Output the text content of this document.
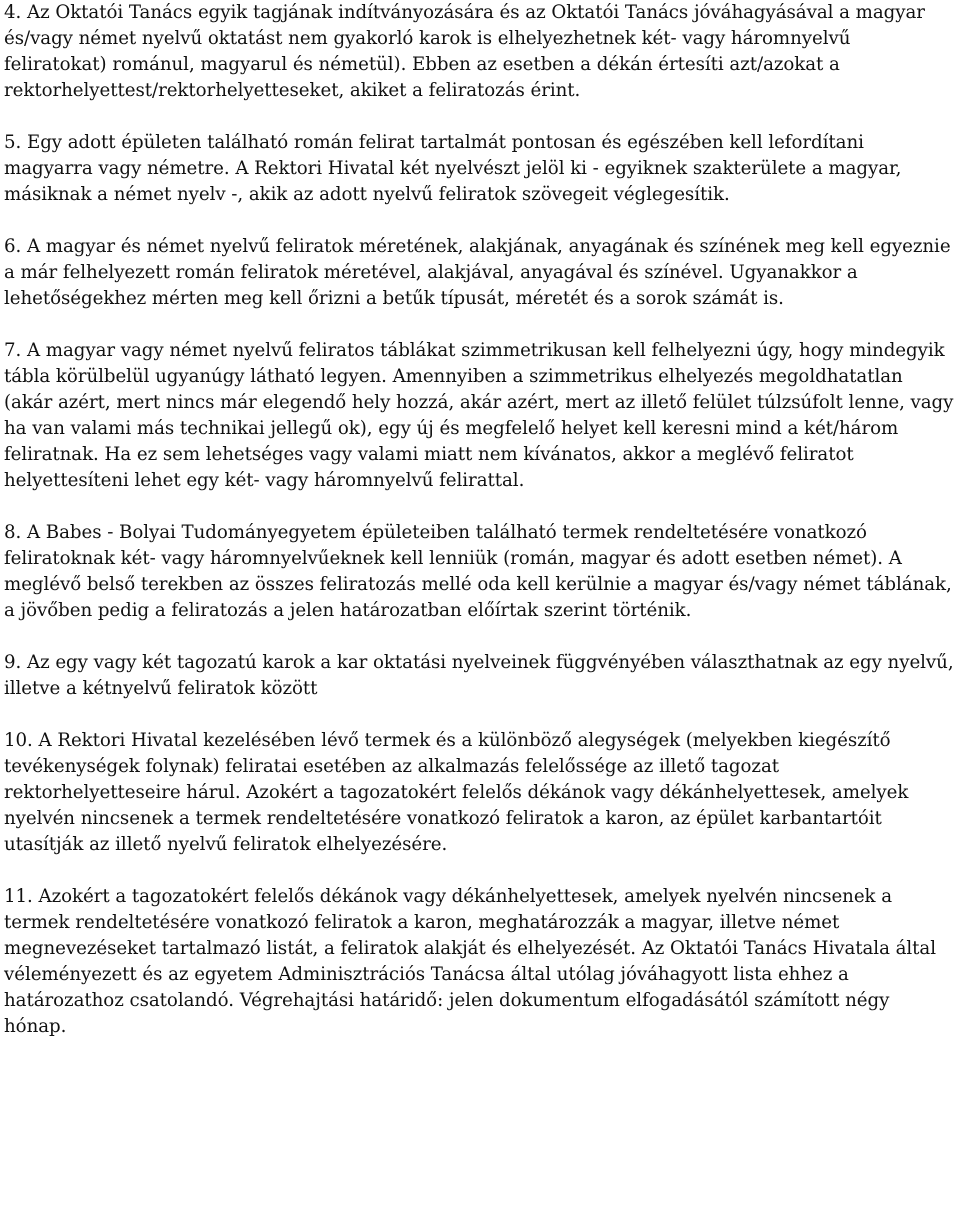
4. Az Oktatói Tanács egyik tagjának indítványozására és az Oktatói Tanács jóváhagyásával a magyar és/vagy német nyelvű oktatást nem gyakorló karok is elhelyezhetnek két- vagy háromnyelvű feliratokat) románul, magyarul és németül). Ebben az esetben a dékán értesíti azt/azokat a rektorhelyettest/rektorhelyetteseket, akiket a feliratozás érint.

5. Egy adott épületen található román felirat tartalmát pontosan és egészében kell lefordítani magyarra vagy németre. A Rektori Hivatal két nyelvészt jelöl ki - egyiknek szakterülete a magyar, másiknak a német nyelv -, akik az adott nyelvű feliratok szövegeit véglegesítik.

6. A magyar és német nyelvű feliratok méretének, alakjának, anyagának és színének meg kell egyeznie a már felhelyezett román feliratok méretével, alakjával, anyagával és színével. Ugyanakkor a lehetőségekhez mérten meg kell őrizni a betűk típusát, méretét és a sorok számát is.

7. A magyar vagy német nyelvű feliratos táblákat szimmetrikusan kell felhelyezni úgy, hogy mindegyik tábla körülbelül ugyanúgy látható legyen. Amennyiben a szimmetrikus elhelyezés megoldhatatlan (akár azért, mert nincs már elegendő hely hozzá, akár azért, mert az illető felület túlzsúfolt lenne, vagy ha van valami más technikai jellegű ok), egy új és megfelelő helyet kell keresni mind a két/három feliratnak. Ha ez sem lehetséges vagy valami miatt nem kívánatos, akkor a meglévő feliratot helyettesíteni lehet egy két- vagy háromnyelvű felirattal.

8. A Babes - Bolyai Tudományegyetem épületeiben található termek rendeltetésére vonatkozó feliratoknak két- vagy háromnyelvűeknek kell lenniük (román, magyar és adott esetben német). A meglévő belső terekben az összes feliratozás mellé oda kell kerülnie a magyar és/vagy német táblának, a jövőben pedig a feliratozás a jelen határozatban előírtak szerint történik.

9. Az egy vagy két tagozatú karok a kar oktatási nyelveinek függvényében választhatnak az egy nyelvű, illetve a kétnyelvű feliratok között

10. A Rektori Hivatal kezelésében lévő termek és a különböző alegységek (melyekben kiegészítő tevékenységek folynak) feliratai esetében az alkalmazás felelőssége az illető tagozat rektorhelyetteseire hárul. Azokért a tagozatokért felelős dékánok vagy dékánhelyettesek, amelyek nyelvén nincsenek a termek rendeltetésére vonatkozó feliratok a karon, az épület karbantartóit utasítják az illető nyelvű feliratok elhelyezésére.

11. Azokért a tagozatokért felelős dékánok vagy dékánhelyettesek, amelyek nyelvén nincsenek a termek rendeltetésére vonatkozó feliratok a karon, meghatározzák a magyar, illetve német megnevezéseket tartalmazó listát, a feliratok alakját és elhelyezését. Az Oktatói Tanács Hivatala által véleményezett és az egyetem Adminisztrációs Tanácsa által utólag jóváhagyott lista ehhez a határozathoz csatolandó. Végrehajtási határidő: jelen dokumentum elfogadásától számított négy hónap.
